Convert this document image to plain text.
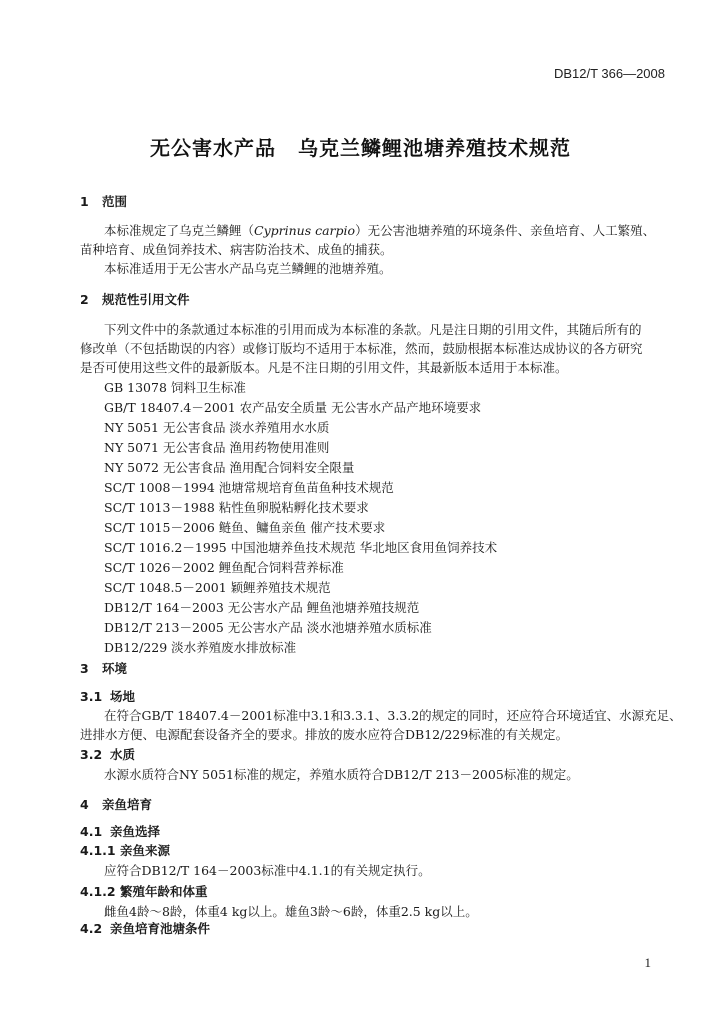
DB12/T 366—2008
无公害水产品 乌克兰鳞鲤池塘养殖技术规范
1 范围
本标准规定了乌克兰鳞鲤（Cyprinus carpio）无公害池塘养殖的环境条件、亲鱼培育、人工繁殖、
苗种培育、成鱼饲养技术、病害防治技术、成鱼的捕获。
本标准适用于无公害水产品乌克兰鳞鲤的池塘养殖。
2 规范性引用文件
下列文件中的条款通过本标准的引用而成为本标准的条款。凡是注日期的引用文件，其随后所有的
修改单（不包括勘误的内容）或修订版均不适用于本标准，然而，鼓励根据本标准达成协议的各方研究
是否可使用这些文件的最新版本。凡是不注日期的引用文件，其最新版本适用于本标准。
GB 13078 饲料卫生标准
GB/T 18407.4－2001 农产品安全质量 无公害水产品产地环境要求
NY 5051 无公害食品 淡水养殖用水水质
NY 5071 无公害食品 渔用药物使用准则
NY 5072 无公害食品 渔用配合饲料安全限量
SC/T 1008－1994 池塘常规培育鱼苗鱼种技术规范
SC/T 1013－1988 粘性鱼卵脱粘孵化技术要求
SC/T 1015－2006 鲢鱼、鳙鱼亲鱼 催产技术要求
SC/T 1016.2－1995 中国池塘养鱼技术规范 华北地区食用鱼饲养技术
SC/T 1026－2002 鲤鱼配合饲料营养标准
SC/T 1048.5－2001 颖鲤养殖技术规范
DB12/T 164－2003 无公害水产品 鲤鱼池塘养殖技规范
DB12/T 213－2005 无公害水产品 淡水池塘养殖水质标准
DB12/229 淡水养殖废水排放标准
3 环境
3.1 场地
在符合GB/T 18407.4－2001标准中3.1和3.3.1、3.3.2的规定的同时，还应符合环境适宜、水源充足、
进排水方便、电源配套设备齐全的要求。排放的废水应符合DB12/229标准的有关规定。
3.2 水质
水源水质符合NY 5051标准的规定，养殖水质符合DB12/T 213－2005标准的规定。
4 亲鱼培育
4.1 亲鱼选择
4.1.1 亲鱼来源
应符合DB12/T 164－2003标准中4.1.1的有关规定执行。
4.1.2 繁殖年龄和体重
雌鱼4龄～8龄，体重4 kg以上。雄鱼3龄～6龄，体重2.5 kg以上。
4.2 亲鱼培育池塘条件
1
